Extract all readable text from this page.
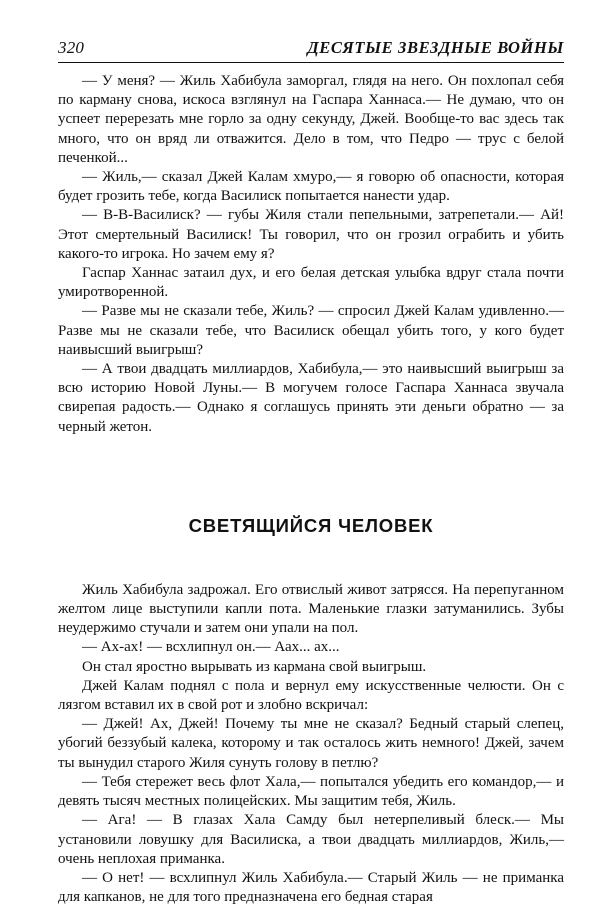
320	ДЕСЯТЫЕ ЗВЕЗДНЫЕ ВОЙНЫ

— У меня? — Жиль Хабибула заморгал, глядя на него. Он похлопал себя по карману снова, искоса взглянул на Гаспара Ханнаса.— Не думаю, что он успеет перерезать мне горло за одну секунду, Джей. Вообще-то вас здесь так много, что он вряд ли отважится. Дело в том, что Педро — трус с белой печенкой...

— Жиль,— сказал Джей Калам хмуро,— я говорю об опасности, которая будет грозить тебе, когда Василиск попытается нанести удар.

— В-В-Василиск? — губы Жиля стали пепельными, затрепетали.— Ай! Этот смертельный Василиск! Ты говорил, что он грозил ограбить и убить какого-то игрока. Но зачем ему я?

Гаспар Ханнас затаил дух, и его белая детская улыбка вдруг стала почти умиротворенной.

— Разве мы не сказали тебе, Жиль? — спросил Джей Калам удивленно.— Разве мы не сказали тебе, что Василиск обещал убить того, у кого будет наивысший выигрыш?

— А твои двадцать миллиардов, Хабибула,— это наивысший выигрыш за всю историю Новой Луны.— В могучем голосе Гаспара Ханнаса звучала свирепая радость.— Однако я соглашусь принять эти деньги обратно — за черный жетон.

СВЕТЯЩИЙСЯ ЧЕЛОВЕК

Жиль Хабибула задрожал. Его отвислый живот затрясся. На перепуганном желтом лице выступили капли пота. Маленькие глазки затуманились. Зубы неудержимо стучали и затем они упали на пол.

— Ах-ах! — всхлипнул он.— Аах... ах...

Он стал яростно вырывать из кармана свой выигрыш.

Джей Калам поднял с пола и вернул ему искусственные челюсти. Он с лязгом вставил их в свой рот и злобно вскричал:

— Джей! Ах, Джей! Почему ты мне не сказал? Бедный старый слепец, убогий беззубый калека, которому и так осталось жить немного! Джей, зачем ты вынудил старого Жиля сунуть голову в петлю?

— Тебя стережет весь флот Хала,— попытался убедить его командор,— и девять тысяч местных полицейских. Мы защитим тебя, Жиль.

— Ага! — В глазах Хала Самду был нетерпеливый блеск.— Мы установили ловушку для Василиска, а твои двадцать миллиардов, Жиль,— очень неплохая приманка.

— О нет! — всхлипнул Жиль Хабибула.— Старый Жиль — не приманка для капканов, не для того предназначена его бедная старая
